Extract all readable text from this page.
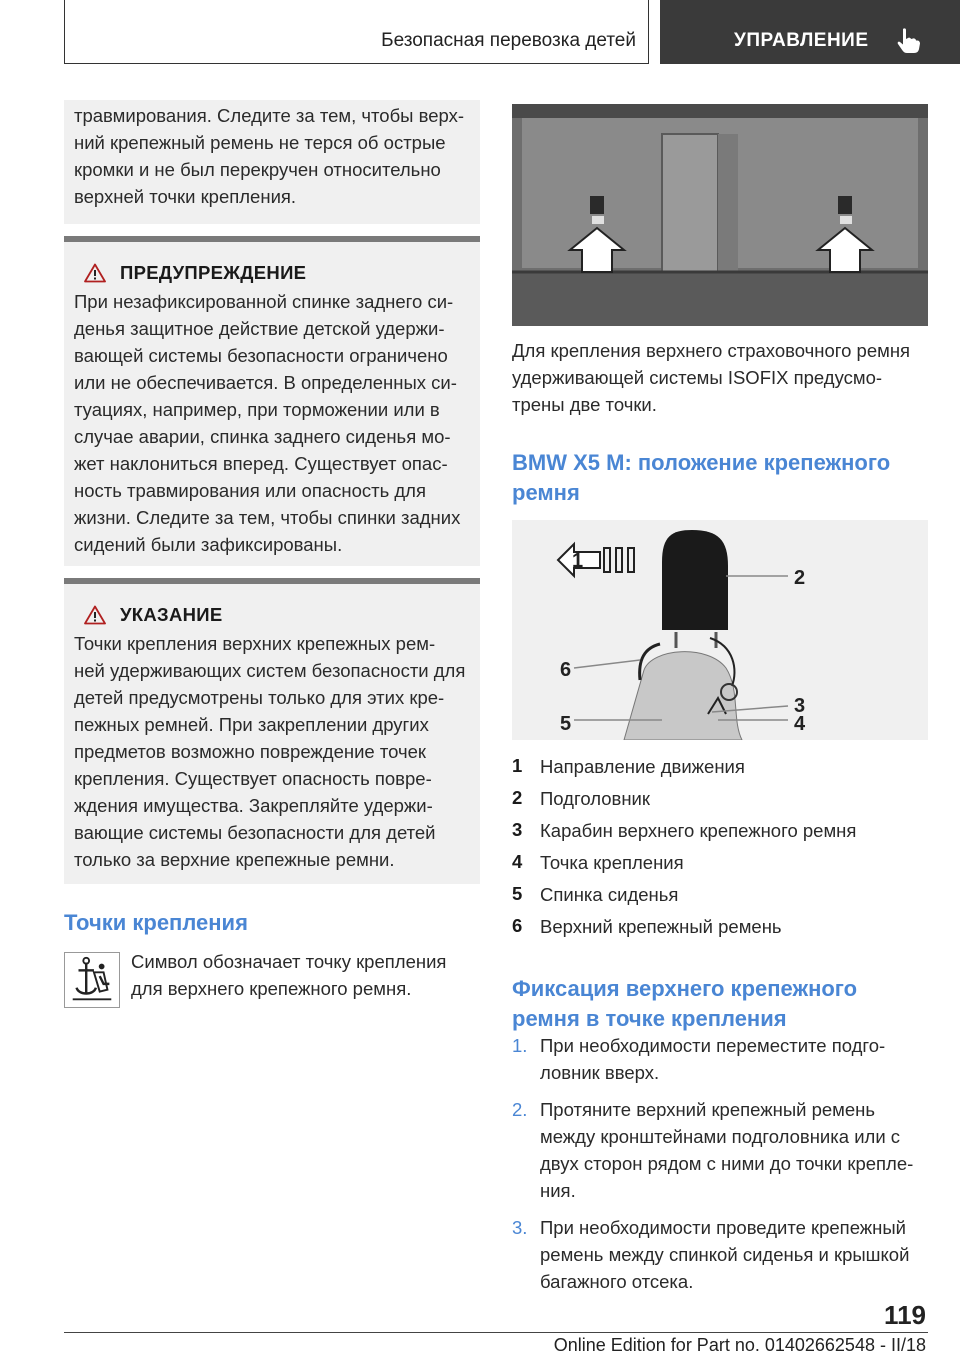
Безопасная перевозка детей	УПРАВЛЕНИЕ
травмирования. Следите за тем, чтобы верх-
ний крепежный ремень не терся об острые
кромки и не был перекручен относительно
верхней точки крепления.
ПРЕДУПРЕЖДЕНИЕ
При незафиксированной спинке заднего си-
денья защитное действие детской удержи-
вающей системы безопасности ограничено
или не обеспечивается. В определенных си-
туациях, например, при торможении или в
случае аварии, спинка заднего сиденья мо-
жет наклониться вперед. Существует опас-
ность травмирования или опасность для
жизни. Следите за тем, чтобы спинки задних
сидений были зафиксированы.
УКАЗАНИЕ
Точки крепления верхних крепежных рем-
ней удерживающих систем безопасности для
детей предусмотрены только для этих кре-
пежных ремней. При закреплении других
предметов возможно повреждение точек
крепления. Существует опасность повре-
ждения имущества. Закрепляйте удержи-
вающие системы безопасности для детей
только за верхние крепежные ремни.
Точки крепления
Символ обозначает точку крепления
для верхнего крепежного ремня.
Для крепления верхнего страховочного ремня
удерживающей системы ISOFIX предусмо-
трены две точки.
BMW X5 M: положение крепежного
ремня
1
2
3
4
5
6
1 Направление движения
2 Подголовник
3 Карабин верхнего крепежного ремня
4 Точка крепления
5 Спинка сиденья
6 Верхний крепежный ремень
Фиксация верхнего крепежного
ремня в точке крепления
1. При необходимости переместите подго-
ловник вверх.
2. Протяните верхний крепежный ремень
между кронштейнами подголовника или с
двух сторон рядом с ними до точки крепле-
ния.
3. При необходимости проведите крепежный
ремень между спинкой сиденья и крышкой
багажного отсека.
119
Online Edition for Part no. 01402662548 - II/18
